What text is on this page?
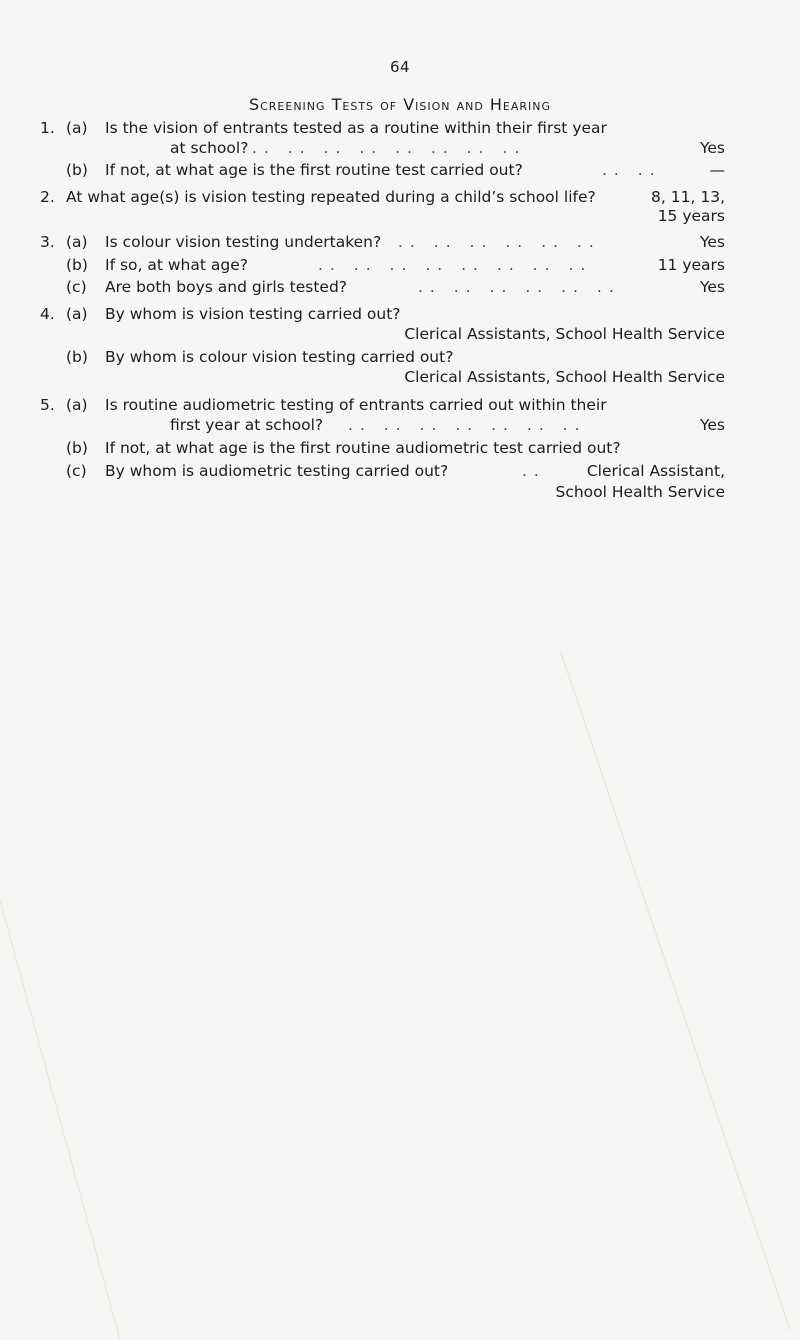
64
Screening Tests of Vision and Hearing
1. (a) Is the vision of entrants tested as a routine within their first year
at school? .. .. .. .. .. .. .. ..	Yes
(b) If not, at what age is the first routine test carried out?	.. ..	—
2. At what age(s) is vision testing repeated during a child’s school life?	8, 11, 13,
15 years
3. (a) Is colour vision testing undertaken? .. .. .. .. .. ..	Yes
(b) If so, at what age?	.. .. .. .. .. .. .. ..	11 years
(c) Are both boys and girls tested?	.. .. .. .. .. ..	Yes
4. (a) By whom is vision testing carried out?
Clerical Assistants, School Health Service
(b) By whom is colour vision testing carried out?
Clerical Assistants, School Health Service
5. (a) Is routine audiometric testing of entrants carried out within their
first year at school? .. .. .. .. .. .. ..	Yes
(b) If not, at what age is the first routine audiometric test carried out?
(c) By whom is audiometric testing carried out?	..	Clerical Assistant,
School Health Service
